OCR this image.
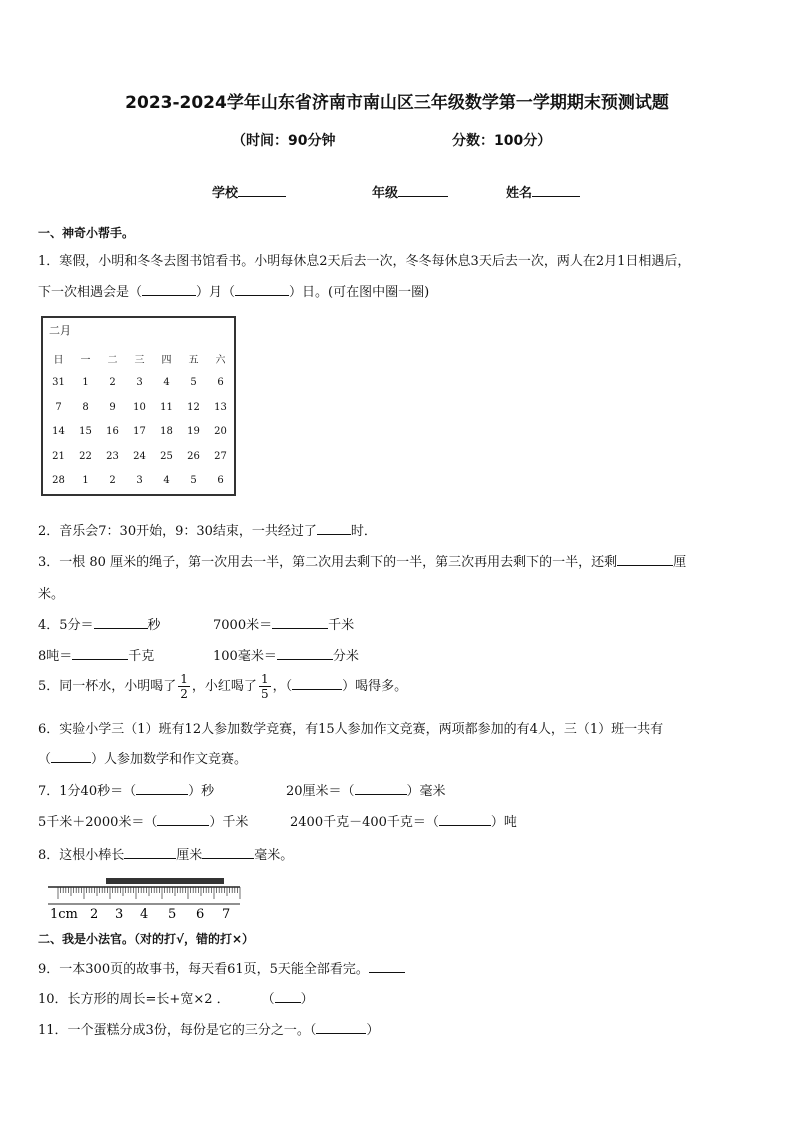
2023-2024学年山东省济南市南山区三年级数学第一学期期末预测试题
（时间：90分钟	分数：100分）
学校	年级	姓名
一、神奇小帮手。
1．寒假，小明和冬冬去图书馆看书。小明每休息2天后去一次，冬冬每休息3天后去一次，两人在2月1日相遇后，
下一次相遇会是（	）月（	）日。(可在图中圈一圈)
二月
日	一	二	三	四	五	六
31	1	2	3	4	5	6
7	8	9	10	11	12	13
14	15	16	17	18	19	20
21	22	23	24	25	26	27
28	1	2	3	4	5	6
2．音乐会7：30开始，9：30结束，一共经过了	时．
3．一根 80 厘米的绳子，第一次用去一半，第二次用去剩下的一半，第三次再用去剩下的一半，还剩	厘
米。
4．5分＝	秒	7000米＝	千米
8吨＝	千克	100毫米＝	分米
5．同一杯水，小明喝了 $\frac{1}{2}$ ，小红喝了 $\frac{1}{5}$ ，（	）喝得多。
6．实验小学三（1）班有12人参加数学竞赛，有15人参加作文竞赛，两项都参加的有4人，三（1）班一共有
（	）人参加数学和作文竞赛。
7．1分40秒＝（	）秒	20厘米＝（	）毫米
5千米＋2000米＝（	）千米	2400千克－400千克＝（	）吨
8．这根小棒长	厘米	毫米。
1cm 2 3 4 5 6 7
二、我是小法官。（对的打√，错的打×）
9．一本300页的故事书，每天看61页，5天能全部看完。
10．长方形的周长=长+宽×2 ． （ ）
11．一个蛋糕分成3份，每份是它的三分之一。（	）
